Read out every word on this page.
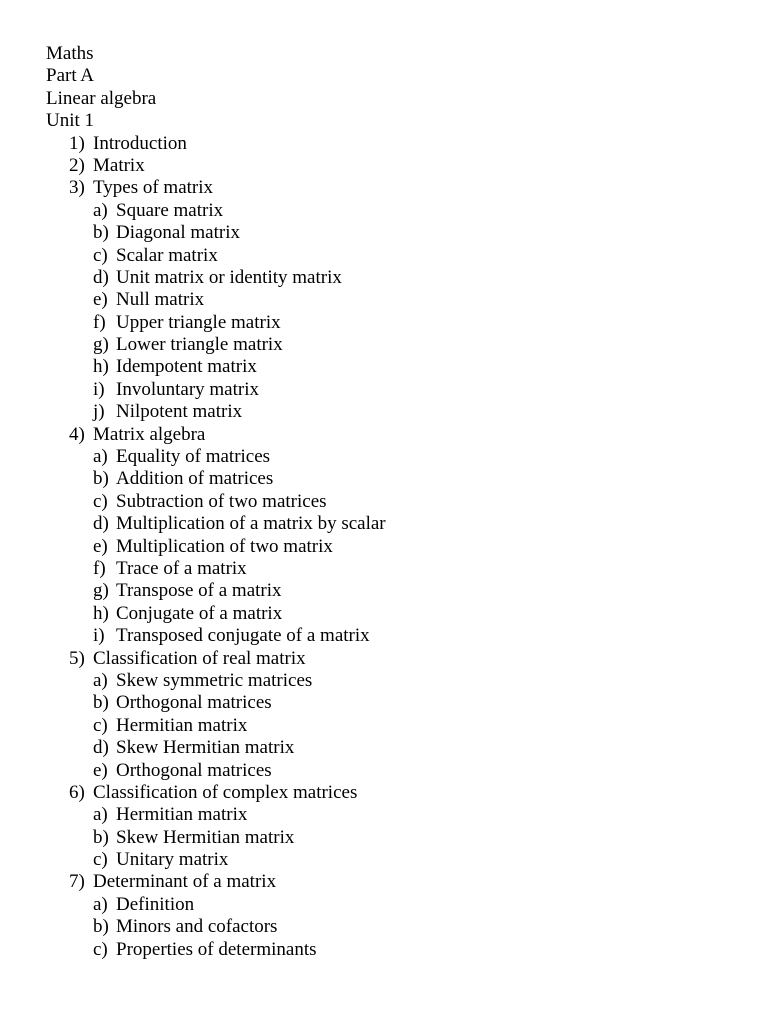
Maths
Part A
Linear algebra
Unit 1
1) Introduction
2) Matrix
3) Types of matrix
a) Square matrix
b) Diagonal matrix
c) Scalar matrix
d) Unit matrix or identity matrix
e) Null matrix
f) Upper triangle matrix
g) Lower triangle matrix
h) Idempotent matrix
i) Involuntary matrix
j) Nilpotent matrix
4) Matrix algebra
a) Equality of matrices
b) Addition of matrices
c) Subtraction of two matrices
d) Multiplication of a matrix by scalar
e) Multiplication of two matrix
f) Trace of a matrix
g) Transpose of a matrix
h) Conjugate of a matrix
i) Transposed conjugate of a matrix
5) Classification of real matrix
a) Skew symmetric matrices
b) Orthogonal matrices
c) Hermitian matrix
d) Skew Hermitian matrix
e) Orthogonal matrices
6) Classification of complex matrices
a) Hermitian matrix
b) Skew Hermitian matrix
c) Unitary matrix
7) Determinant of a matrix
a) Definition
b) Minors and cofactors
c) Properties of determinants
